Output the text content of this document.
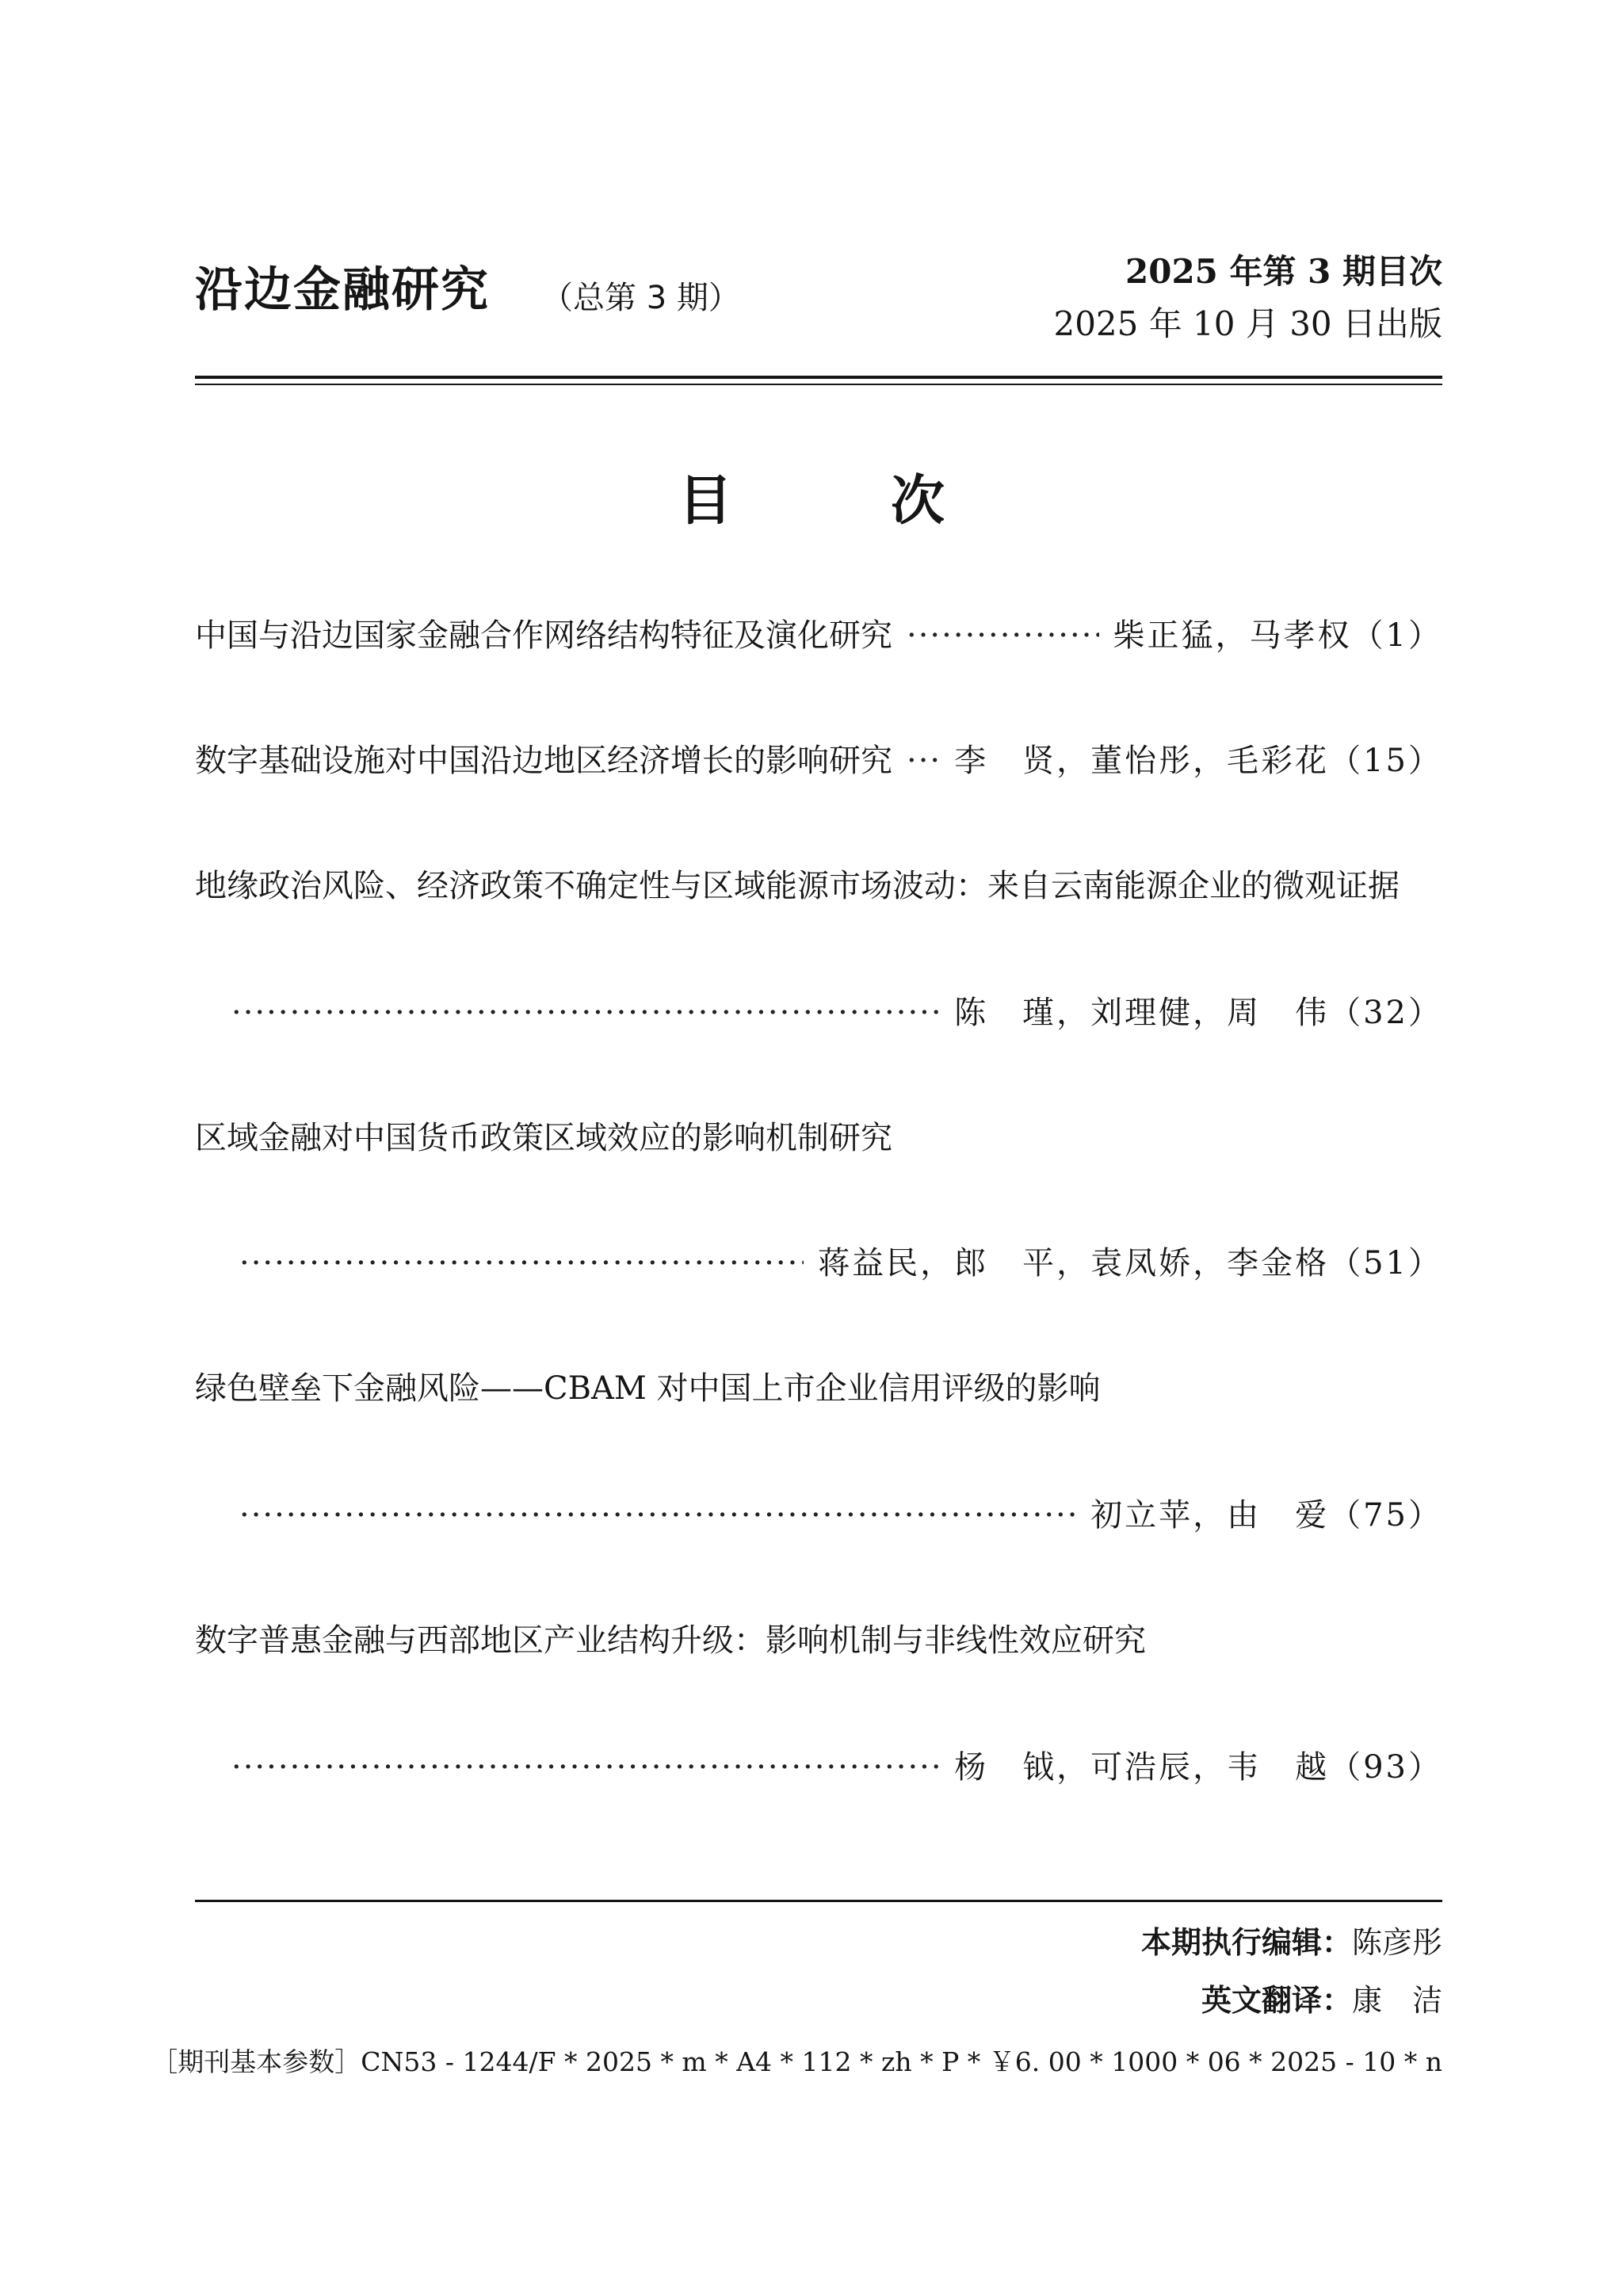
沿边金融研究 （总第 3 期）
2025 年第 3 期目次
2025 年 10 月 30 日出版
目　次
中国与沿边国家金融合作网络结构特征及演化研究 ·····	柴正猛，马孝权（1）
数字基础设施对中国沿边地区经济增长的影响研究 ····· 李　贤，董怡彤，毛彩花（15）
地缘政治风险、经济政策不确定性与区域能源市场波动：来自云南能源企业的微观证据
·····
陈　瑾，刘理健，周　伟（32）
区域金融对中国货币政策区域效应的影响机制研究
·····
蒋益民，郎　平，袁凤娇，李金格（51）
绿色壁垒下金融风险——CBAM 对中国上市企业信用评级的影响
·····
初立苹，由　爱（75）
数字普惠金融与西部地区产业结构升级：影响机制与非线性效应研究
·····
杨　钺，可浩辰，韦　越（93）
本期执行编辑：陈彦彤
英文翻译：康　洁
［期刊基本参数］CN53 - 1244/F * 2025 * m * A4 * 112 * zh * P * ￥6. 00 * 1000 * 06 * 2025 - 10 * n
